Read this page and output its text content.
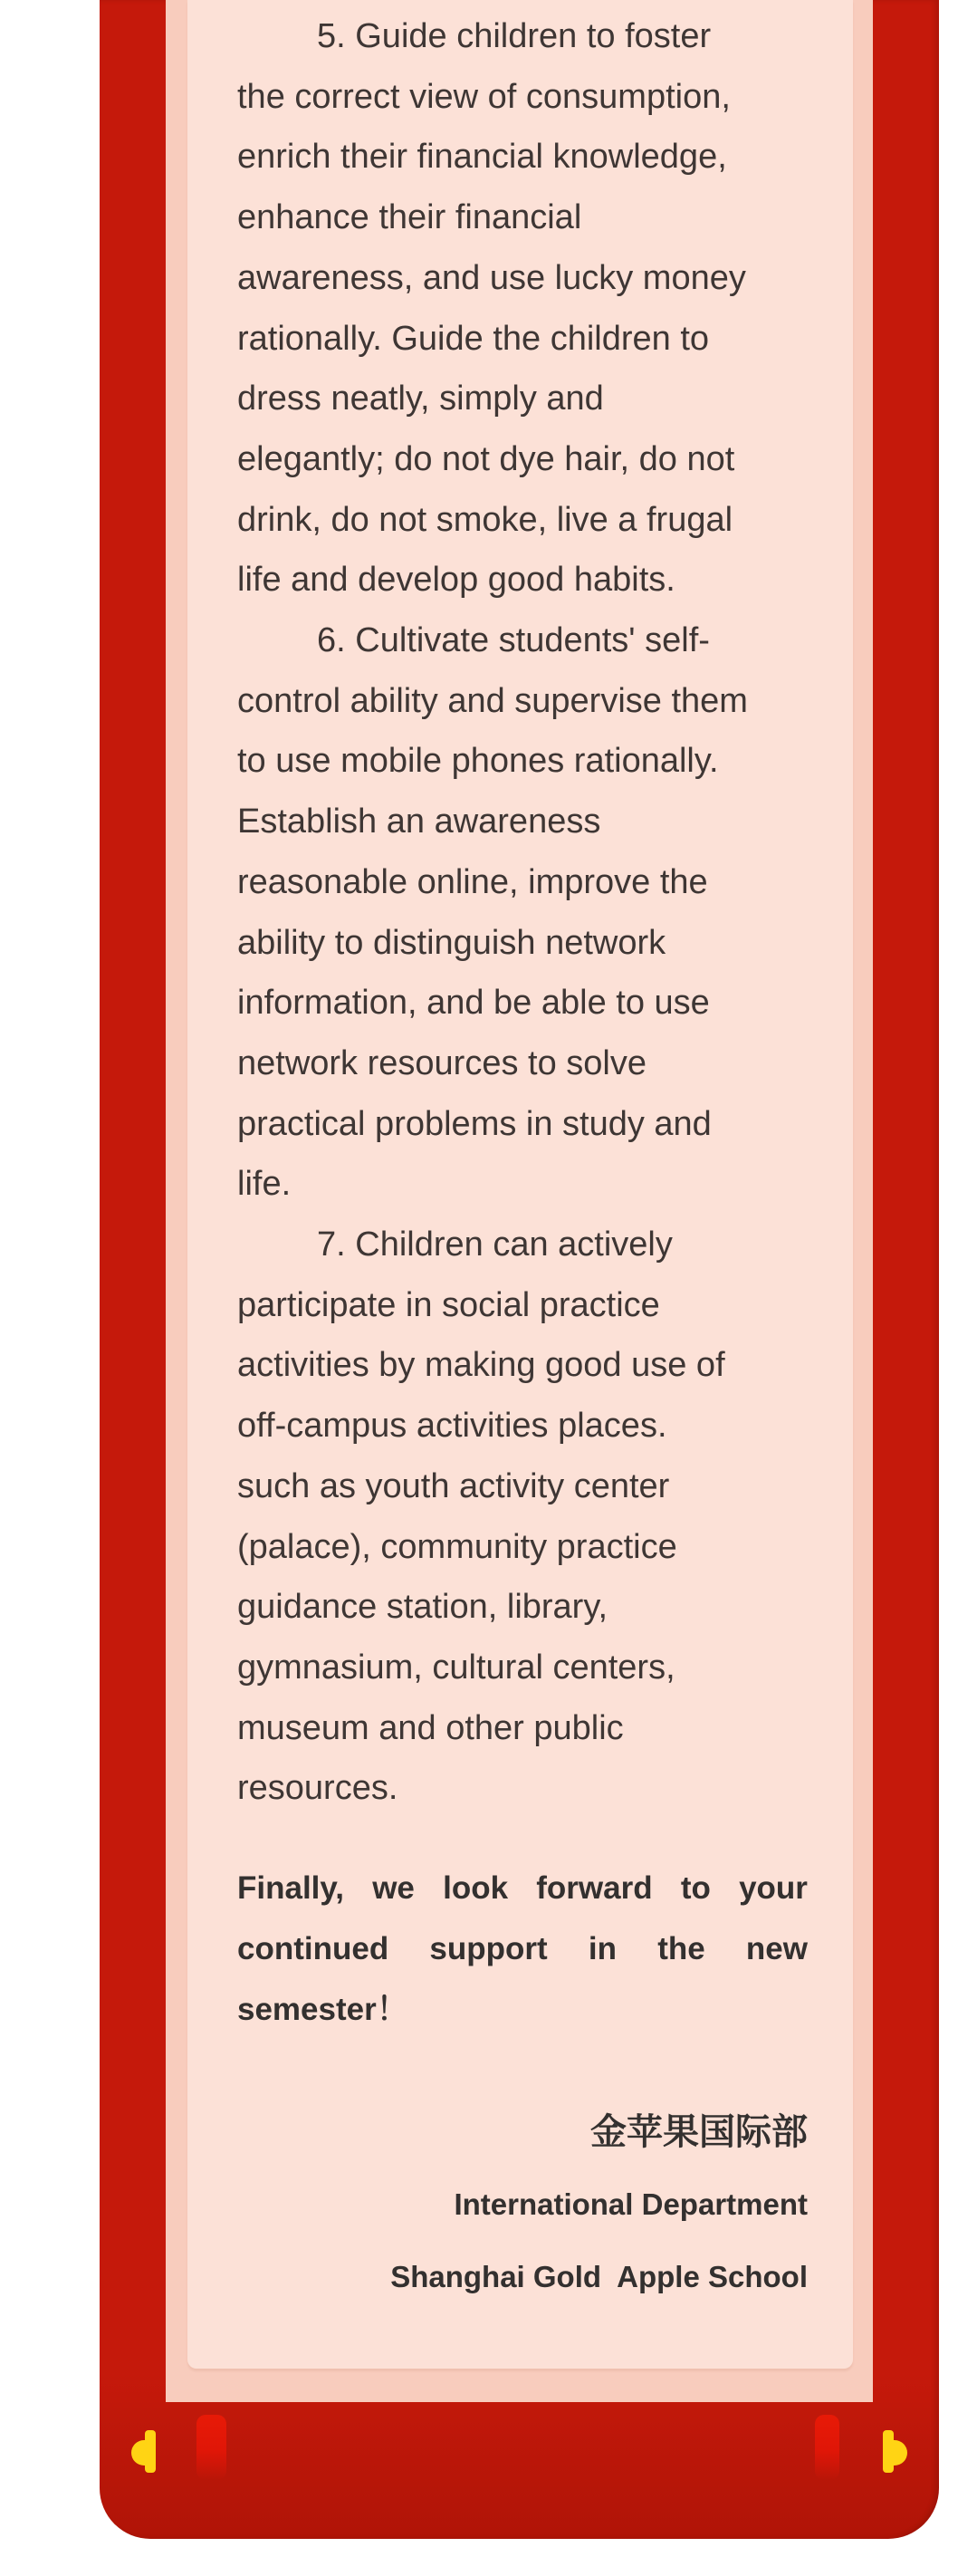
5. Guide children to foster
the correct view of consumption,
enrich their financial knowledge,
enhance their financial
awareness, and use lucky money
rationally. Guide the children to
dress neatly, simply and
elegantly; do not dye hair, do not
drink, do not smoke, live a frugal
life and develop good habits.
6. Cultivate students' self-
control ability and supervise them
to use mobile phones rationally.
Establish an awareness
reasonable online, improve the
ability to distinguish network
information, and be able to use
network resources to solve
practical problems in study and
life.
7. Children can actively
participate in social practice
activities by making good use of
off-campus activities places.
such as youth activity center
(palace), community practice
guidance station, library,
gymnasium, cultural centers,
museum and other public
resources.
Finally, we look forward to your
continued support in the new
semester！
金苹果国际部
International Department
Shanghai Gold  Apple School
